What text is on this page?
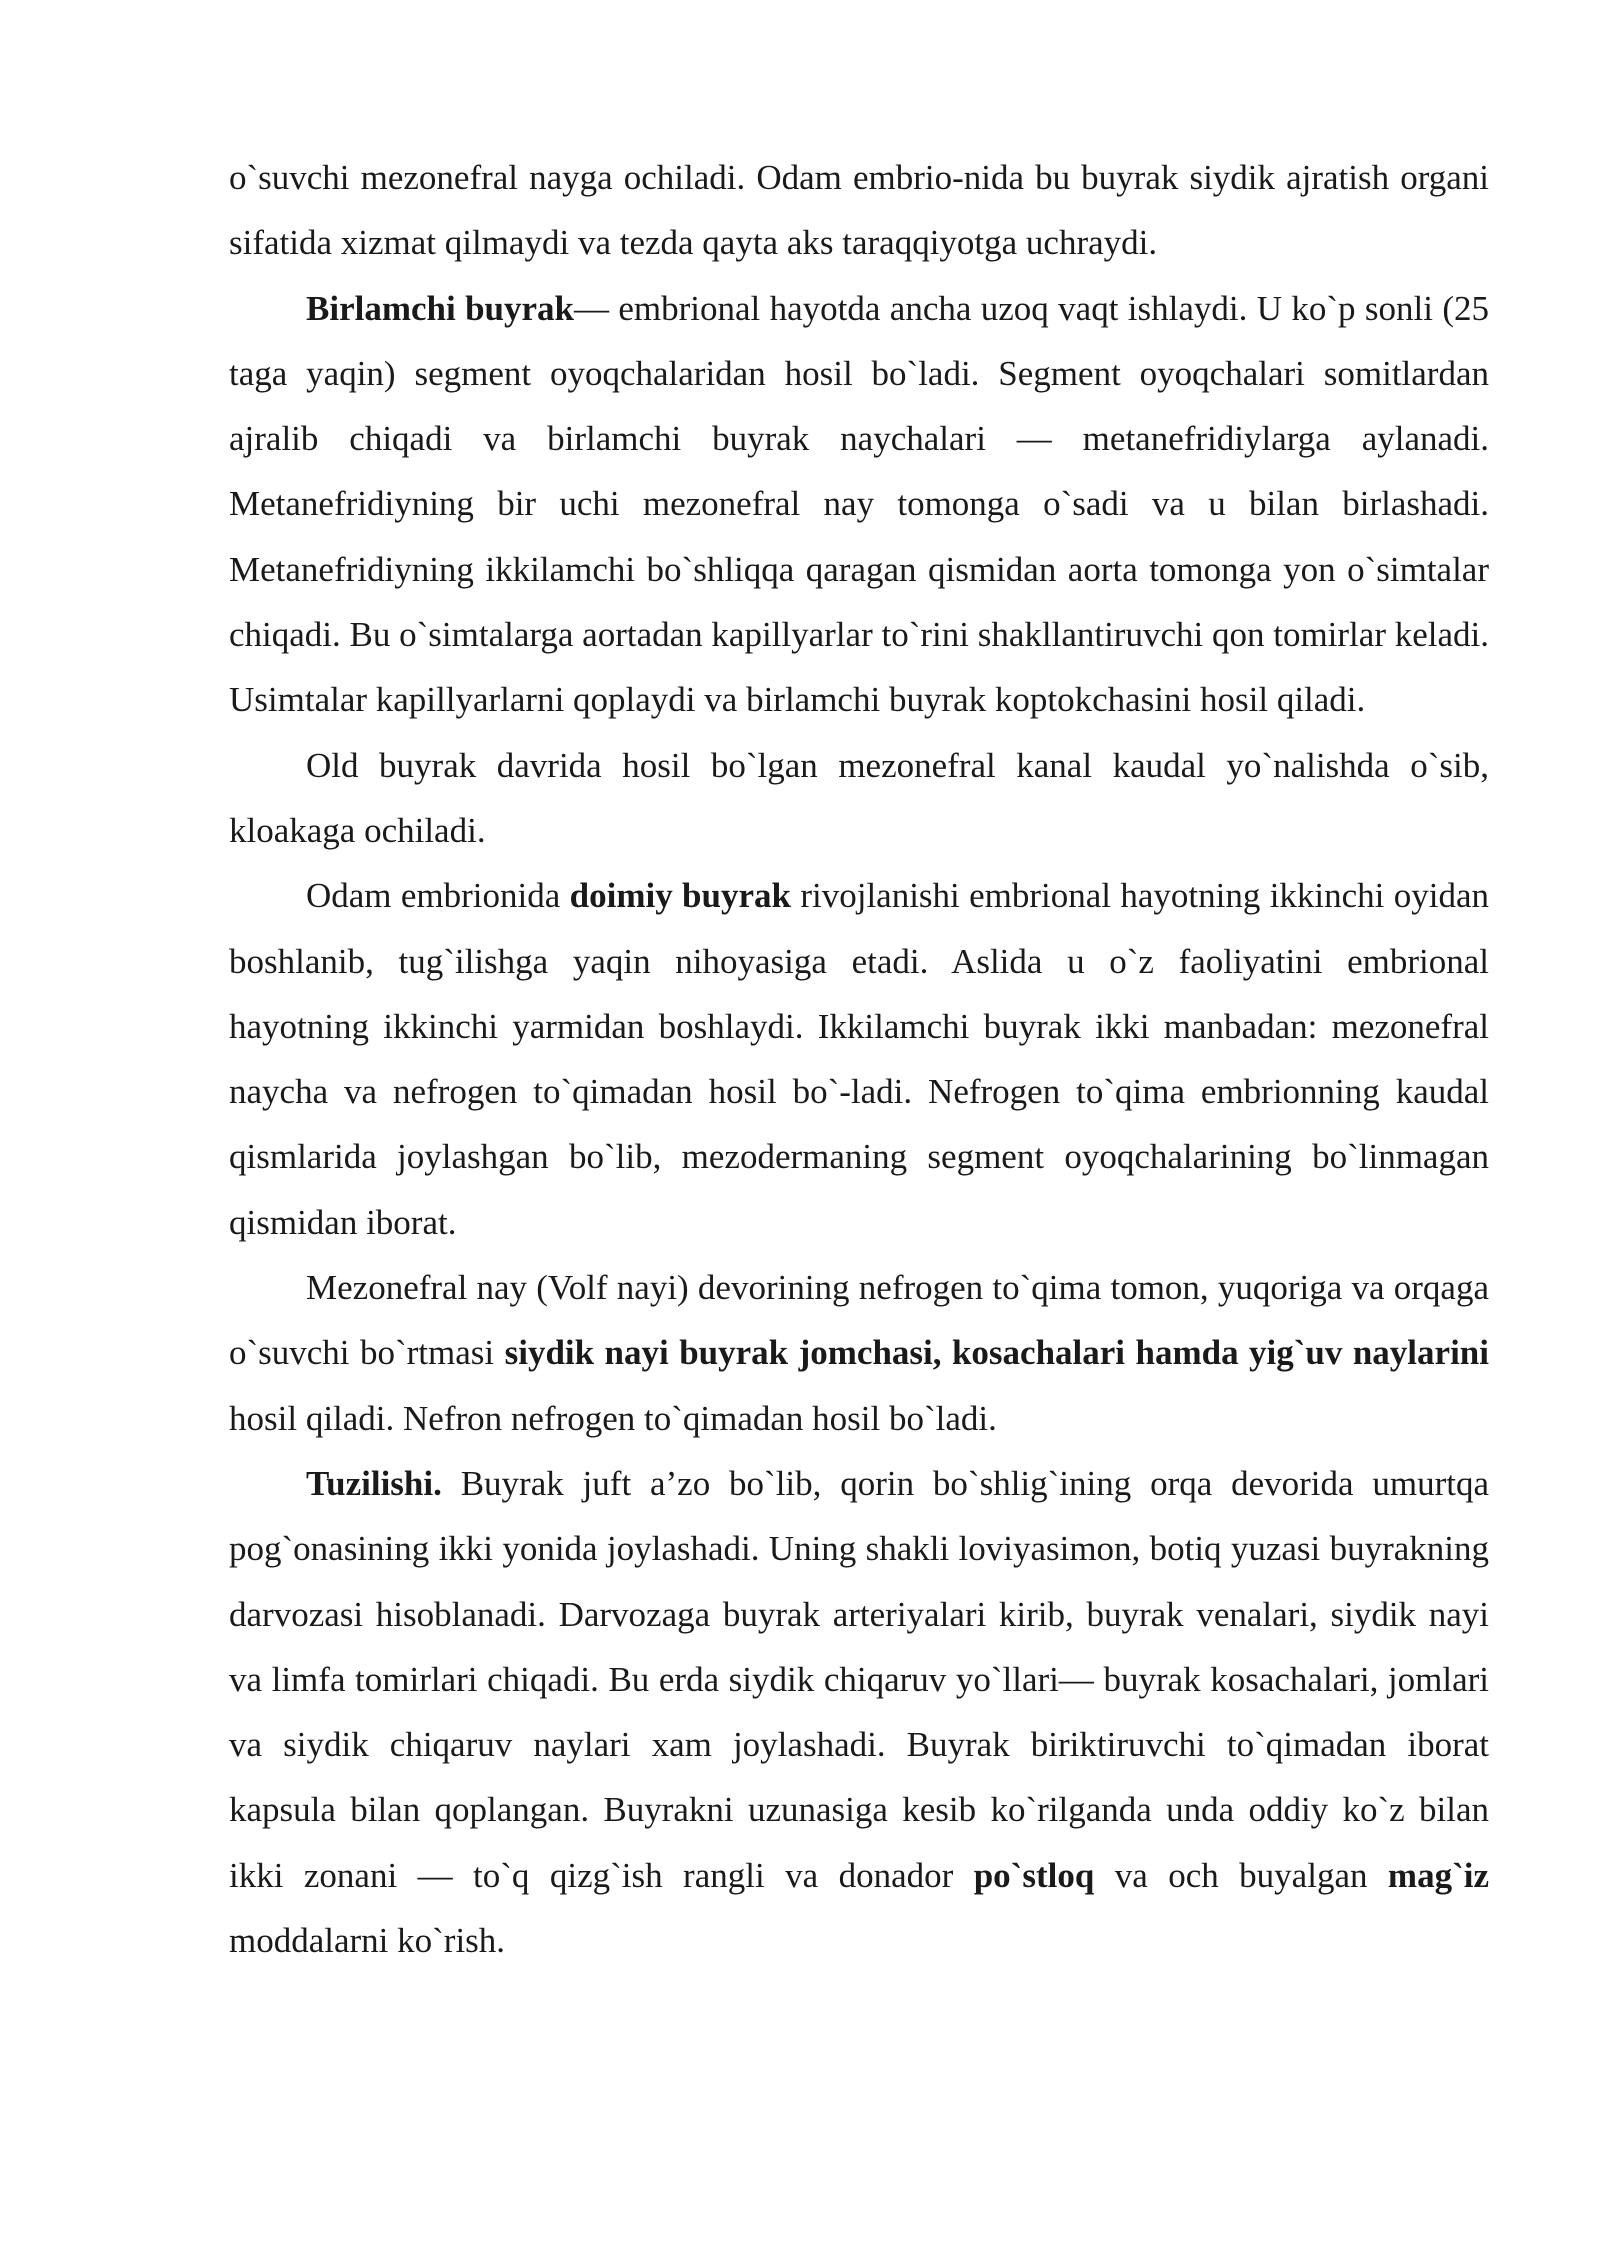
o`suvchi mezonefral nayga ochiladi. Odam embrio-nida bu buyrak siydik ajratish organi sifatida xizmat qilmaydi va tezda qayta aks taraqqiyotga uchraydi.

Birlamchi buyrak— embrional hayotda ancha uzoq vaqt ishlaydi. U ko`p sonli (25 taga yaqin) segment oyoqchalaridan hosil bo`ladi. Segment oyoqchalari somitlardan ajralib chiqadi va birlamchi buyrak naychalari — metanefridiylarga aylanadi. Metanefridiyning bir uchi mezonefral nay tomonga o`sadi va u bilan birlashadi. Metanefridiyning ikkilamchi bo`shliqqa qaragan qismidan aorta tomonga yon o`simtalar chiqadi. Bu o`simtalarga aortadan kapillyarlar to`rini shakllantiruvchi qon tomirlar keladi. Usimtalar kapillyarlarni qoplaydi va birlamchi buyrak koptokchasini hosil qiladi.

Old buyrak davrida hosil bo`lgan mezonefral kanal kaudal yo`nalishda o`sib, kloakaga ochiladi.

Odam embrionida doimiy buyrak rivojlanishi embrional hayotning ikkinchi oyidan boshlanib, tug`ilishga yaqin nihoyasiga etadi. Aslida u o`z faoliyatini embrional hayotning ikkinchi yarmidan boshlaydi. Ikkilamchi buyrak ikki manbadan: mezonefral naycha va nefrogen to`qimadan hosil bo`-ladi. Nefrogen to`qima embrionning kaudal qismlarida joylashgan bo`lib, mezodermaning segment oyoqchalarining bo`linmagan qismidan iborat.

Mezonefral nay (Volf nayi) devorining nefrogen to`qima tomon, yuqoriga va orqaga o`suvchi bo`rtmasi siydik nayi buyrak jomchasi, kosachalari hamda yig`uv naylarini hosil qiladi. Nefron nefrogen to`qimadan hosil bo`ladi.

Tuzilishi. Buyrak juft a’zo bo`lib, qorin bo`shlig`ining orqa devorida umurtqa pog`onasining ikki yonida joylashadi. Uning shakli loviyasimon, botiq yuzasi buyrakning darvozasi hisoblanadi. Darvozaga buyrak arteriyalari kirib, buyrak venalari, siydik nayi va limfa tomirlari chiqadi. Bu erda siydik chiqaruv yo`llari— buyrak kosachalari, jomlari va siydik chiqaruv naylari xam joylashadi. Buyrak biriktiruvchi to`qimadan iborat kapsula bilan qoplangan. Buyrakni uzunasiga kesib ko`rilganda unda oddiy ko`z bilan ikki zonani — to`q qizg`ish rangli va donador po`stloq va och buyalgan mag`iz moddalarni ko`rish.
